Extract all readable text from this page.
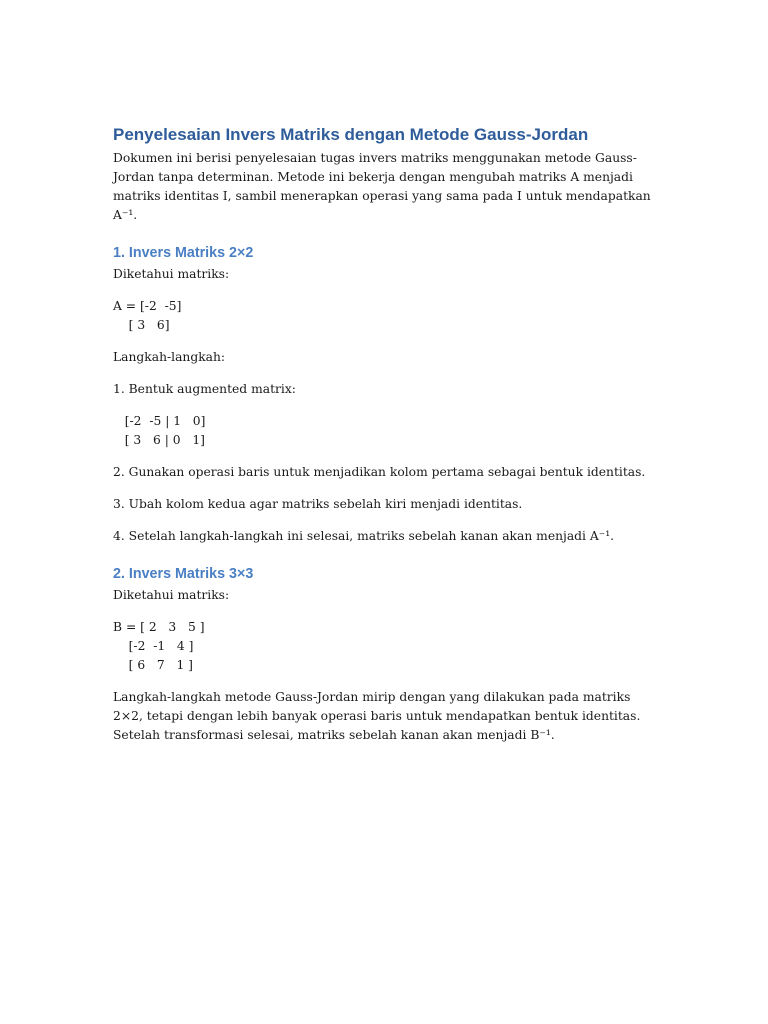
Penyelesaian Invers Matriks dengan Metode Gauss-Jordan

Dokumen ini berisi penyelesaian tugas invers matriks menggunakan metode Gauss-Jordan tanpa determinan. Metode ini bekerja dengan mengubah matriks A menjadi matriks identitas I, sambil menerapkan operasi yang sama pada I untuk mendapatkan A⁻¹.

1. Invers Matriks 2×2

Diketahui matriks:

A = [-2  -5]
[ 3   6]

Langkah-langkah:

1. Bentuk augmented matrix:

[-2  -5 | 1   0]
[ 3   6 | 0   1]

2. Gunakan operasi baris untuk menjadikan kolom pertama sebagai bentuk identitas.

3. Ubah kolom kedua agar matriks sebelah kiri menjadi identitas.

4. Setelah langkah-langkah ini selesai, matriks sebelah kanan akan menjadi A⁻¹.

2. Invers Matriks 3×3

Diketahui matriks:

B = [ 2   3   5 ]
[-2  -1   4 ]
[ 6   7   1 ]

Langkah-langkah metode Gauss-Jordan mirip dengan yang dilakukan pada matriks 2×2, tetapi dengan lebih banyak operasi baris untuk mendapatkan bentuk identitas. Setelah transformasi selesai, matriks sebelah kanan akan menjadi B⁻¹.
